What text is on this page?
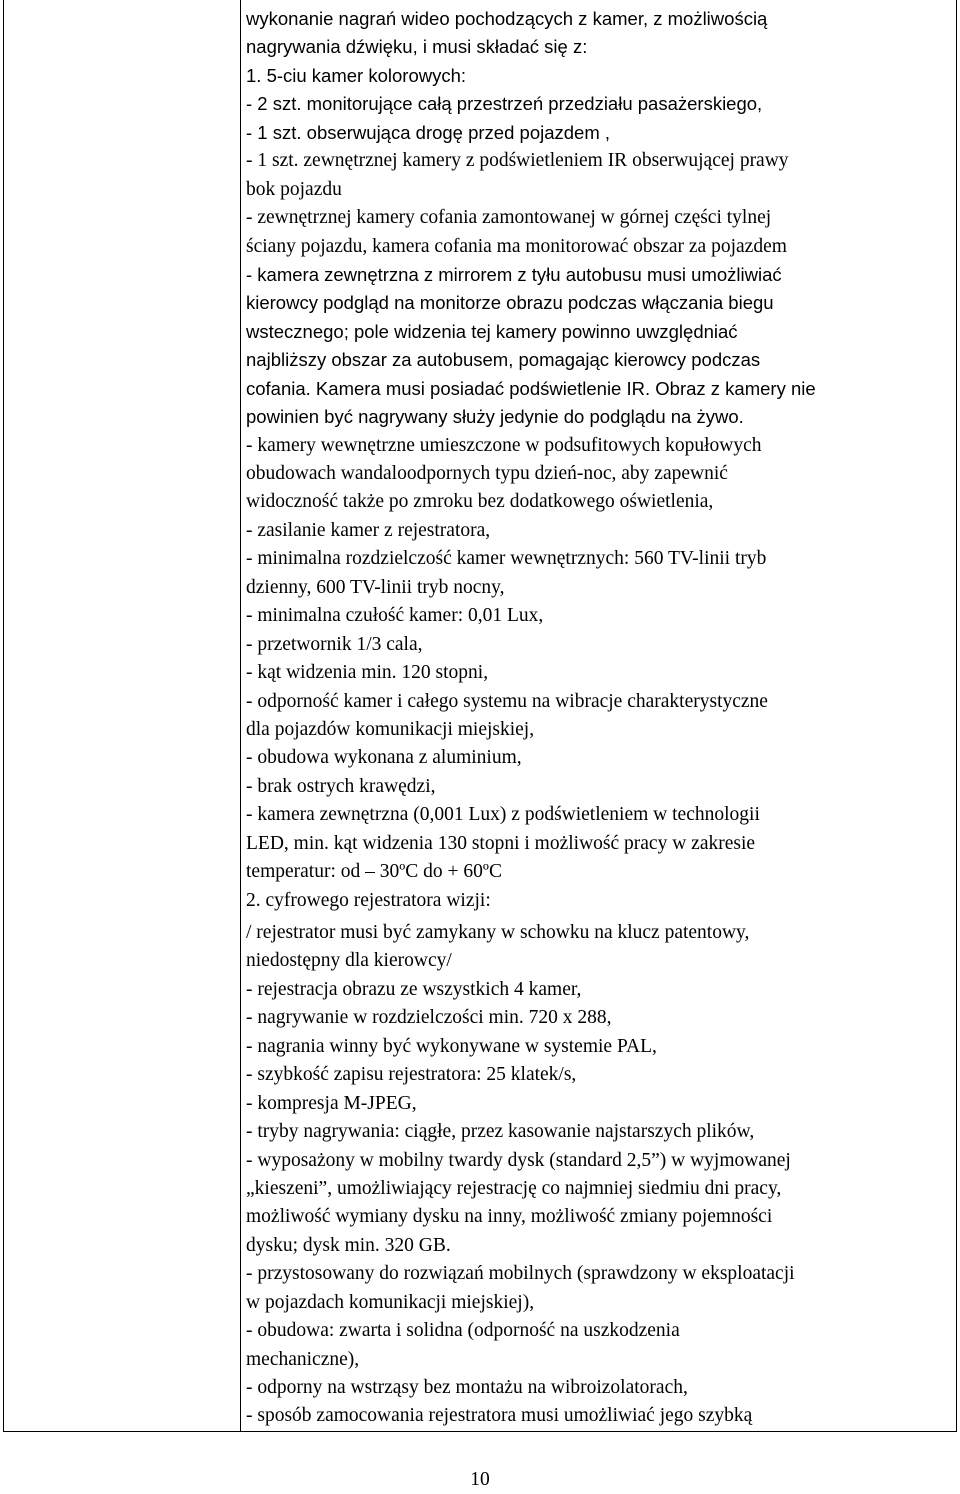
wykonanie nagrań wideo pochodzących z kamer, z możliwością
nagrywania dźwięku, i musi składać się z:
1. 5-ciu kamer kolorowych:
- 2 szt. monitorujące całą przestrzeń przedziału pasażerskiego,
- 1 szt. obserwująca drogę przed pojazdem ,
- 1 szt. zewnętrznej kamery z podświetleniem IR obserwującej prawy
bok pojazdu
- zewnętrznej kamery cofania zamontowanej w górnej części tylnej
ściany pojazdu, kamera cofania ma monitorować obszar za pojazdem
- kamera zewnętrzna z mirrorem z tyłu autobusu musi umożliwiać
kierowcy podgląd na monitorze obrazu podczas włączania biegu
wstecznego; pole widzenia tej kamery powinno uwzględniać
najbliższy obszar za autobusem, pomagając kierowcy podczas
cofania. Kamera musi posiadać podświetlenie IR. Obraz z kamery nie
powinien być nagrywany służy jedynie do podglądu na żywo.
- kamery wewnętrzne umieszczone w podsufitowych kopułowych
obudowach wandaloodpornych typu dzień-noc, aby zapewnić
widoczność także po zmroku bez dodatkowego oświetlenia,
- zasilanie kamer z rejestratora,
- minimalna rozdzielczość kamer wewnętrznych: 560 TV-linii tryb
dzienny, 600 TV-linii tryb nocny,
- minimalna czułość kamer: 0,01 Lux,
- przetwornik 1/3 cala,
- kąt widzenia min. 120 stopni,
- odporność kamer i całego systemu na wibracje charakterystyczne
dla pojazdów komunikacji miejskiej,
- obudowa wykonana z aluminium,
- brak ostrych krawędzi,
- kamera zewnętrzna (0,001 Lux) z podświetleniem w technologii
LED, min. kąt widzenia 130 stopni i możliwość pracy w zakresie
temperatur: od – 30ºC do + 60ºC
2. cyfrowego rejestratora wizji:
/ rejestrator musi być zamykany w schowku na klucz patentowy,
niedostępny dla kierowcy/
- rejestracja obrazu ze wszystkich 4 kamer,
- nagrywanie w rozdzielczości min. 720 x 288,
- nagrania winny być wykonywane w systemie PAL,
- szybkość zapisu rejestratora: 25 klatek/s,
- kompresja M-JPEG,
- tryby nagrywania: ciągłe, przez kasowanie najstarszych plików,
- wyposażony w mobilny twardy dysk (standard 2,5”) w wyjmowanej
„kieszeni”, umożliwiający rejestrację co najmniej siedmiu dni pracy,
możliwość wymiany dysku na inny, możliwość zmiany pojemności
dysku; dysk min. 320 GB.
- przystosowany do rozwiązań mobilnych (sprawdzony w eksploatacji
w pojazdach komunikacji miejskiej),
- obudowa: zwarta i solidna (odporność na uszkodzenia
mechaniczne),
- odporny na wstrząsy bez montażu na wibroizolatorach,
- sposób zamocowania rejestratora musi umożliwiać jego szybką
10
